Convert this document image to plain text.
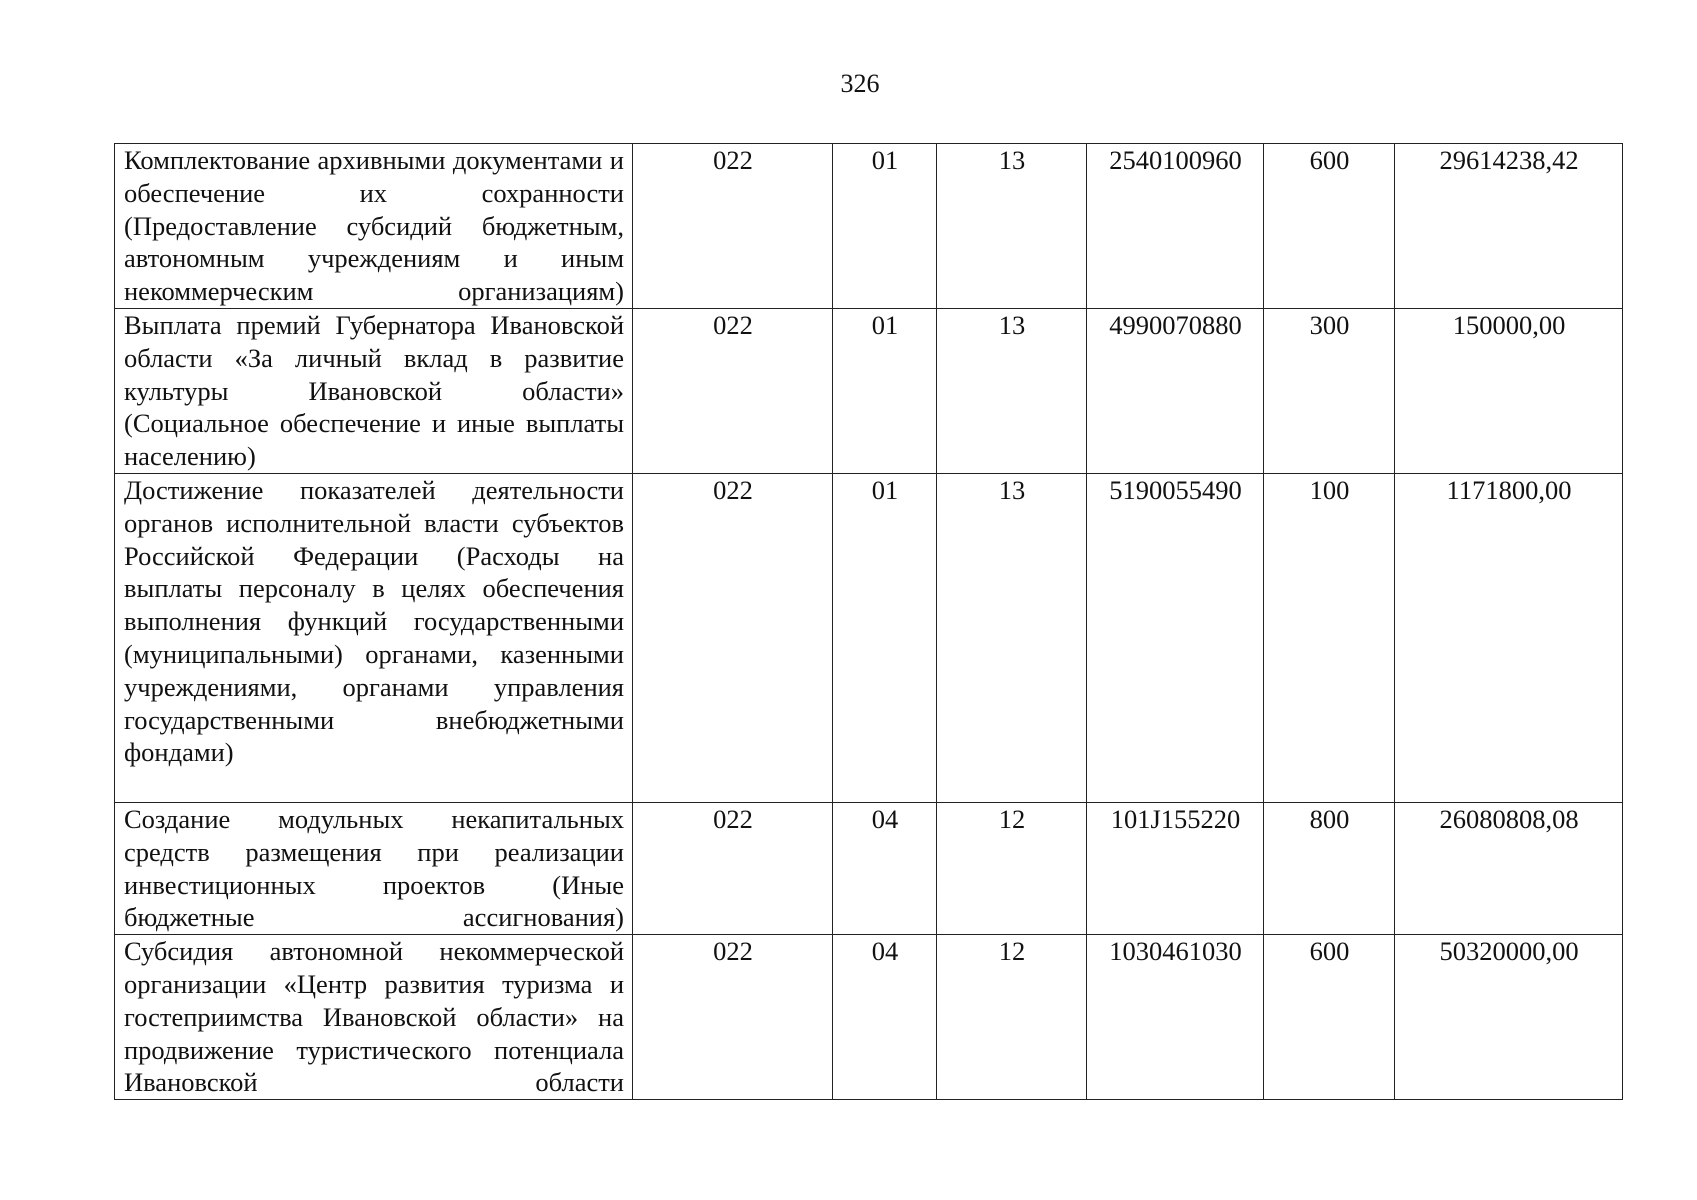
326
Комплектование архивными документами и обеспечение их сохранности (Предоставление субсидий бюджетным, автономным учреждениям и иным некоммерческим организациям)	022	01	13	2540100960	600	29614238,42
Выплата премий Губернатора Ивановской области «За личный вклад в развитие культуры Ивановской области» (Социальное обеспечение и иные выплаты населению)	022	01	13	4990070880	300	150000,00
Достижение показателей деятельности органов исполнительной власти субъектов Российской Федерации (Расходы на выплаты персоналу в целях обеспечения выполнения функций государственными (муниципальными) органами, казенными учреждениями, органами управления государственными внебюджетными фондами)	022	01	13	5190055490	100	1171800,00
Создание модульных некапитальных средств размещения при реализации инвестиционных проектов (Иные бюджетные ассигнования)	022	04	12	101J155220	800	26080808,08
Субсидия автономной некоммерческой организации «Центр развития туризма и гостеприимства Ивановской области» на продвижение туристического потенциала Ивановской области	022	04	12	1030461030	600	50320000,00
